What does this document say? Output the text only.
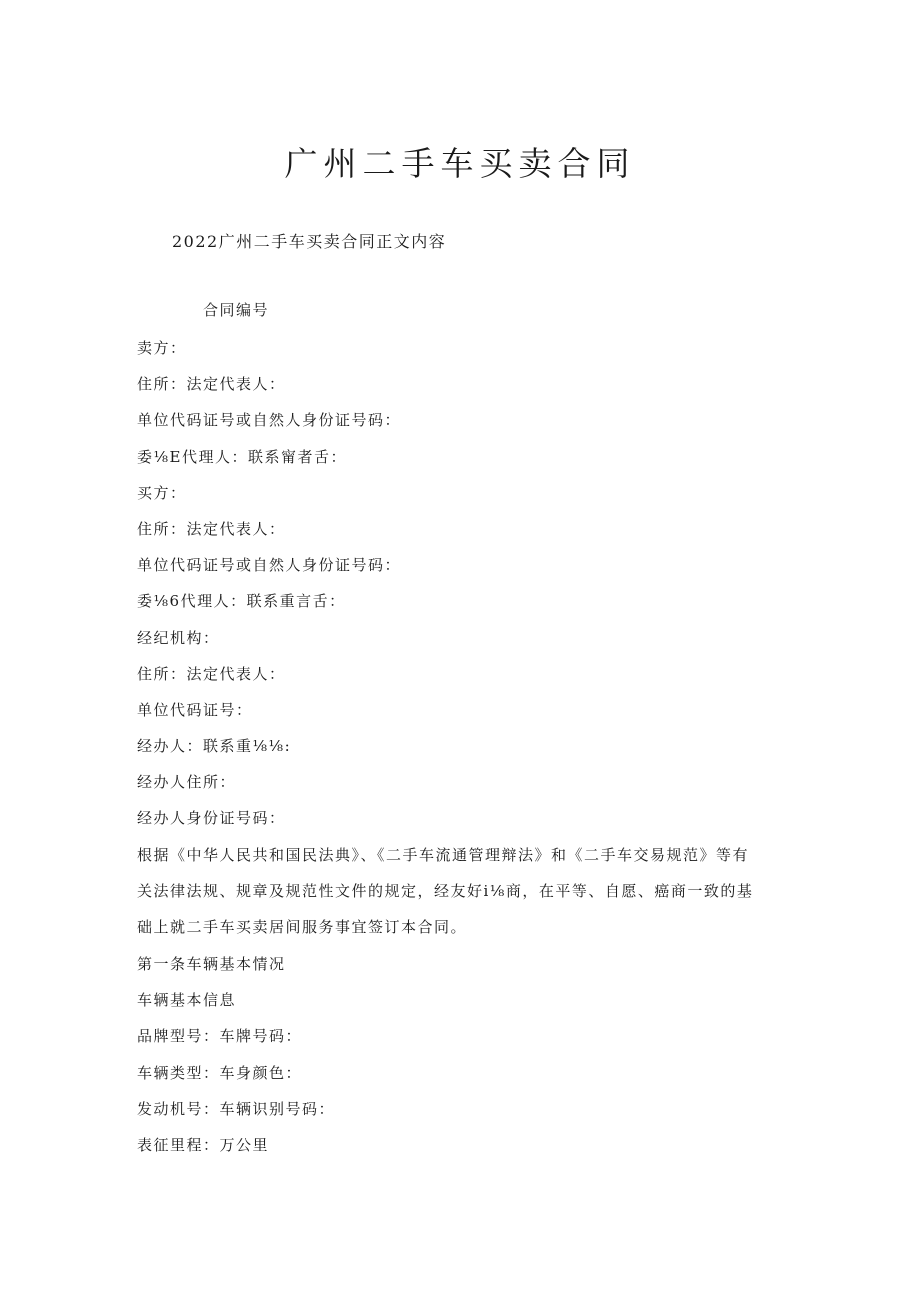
广州二手车买卖合同

2022广州二手车买卖合同正文内容

合同编号

卖方：
住所：法定代表人：
单位代码证号或自然人身份证号码：
委⅛E代理人：联系甯者舌：
买方：
住所：法定代表人：
单位代码证号或自然人身份证号码：
委⅛6代理人：联系重言舌：
经纪机构：
住所：法定代表人：
单位代码证号：
经办人：联系重⅛⅛:
经办人住所：
经办人身份证号码：
根据《中华人民共和国民法典》、《二手车流通管理辩法》和《二手车交易规范》等有
关法律法规、规章及规范性文件的规定，经友好i⅛商，在平等、自愿、癌商一致的基
础上就二手车买卖居间服务事宜签订本合同。
第一条车辆基本情况
车辆基本信息
品牌型号：车牌号码：
车辆类型：车身颜色：
发动机号：车辆识别号码：
表征里程：万公里
